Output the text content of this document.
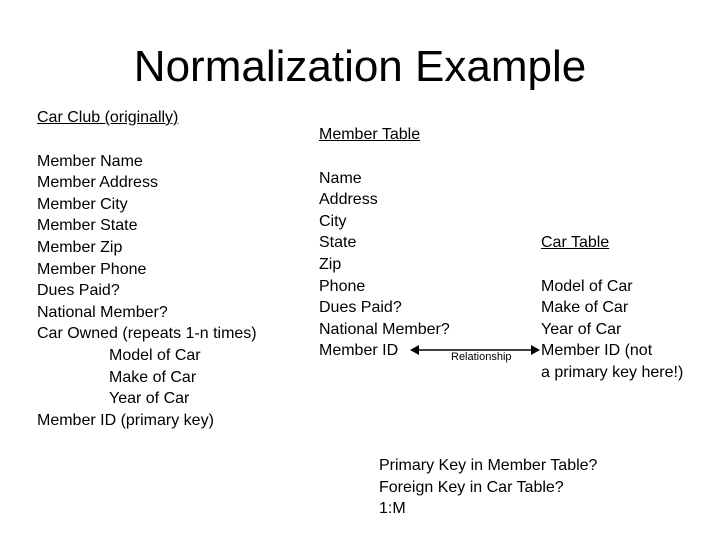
Normalization Example
Car Club (originally)
Member Name
Member Address
Member City
Member State
Member Zip
Member Phone
Dues Paid?
National Member?
Car Owned (repeats 1-n times)
Model of Car
Make of Car
Year of Car
Member ID (primary key)
Member Table
Name
Address
City
State
Zip
Phone
Dues Paid?
National Member?
Member ID	Relationship
Car Table
Model of Car
Make of Car
Year of Car
Member ID (not
a primary key here!)
Primary Key in Member Table?
Foreign Key in Car Table?
1:M
